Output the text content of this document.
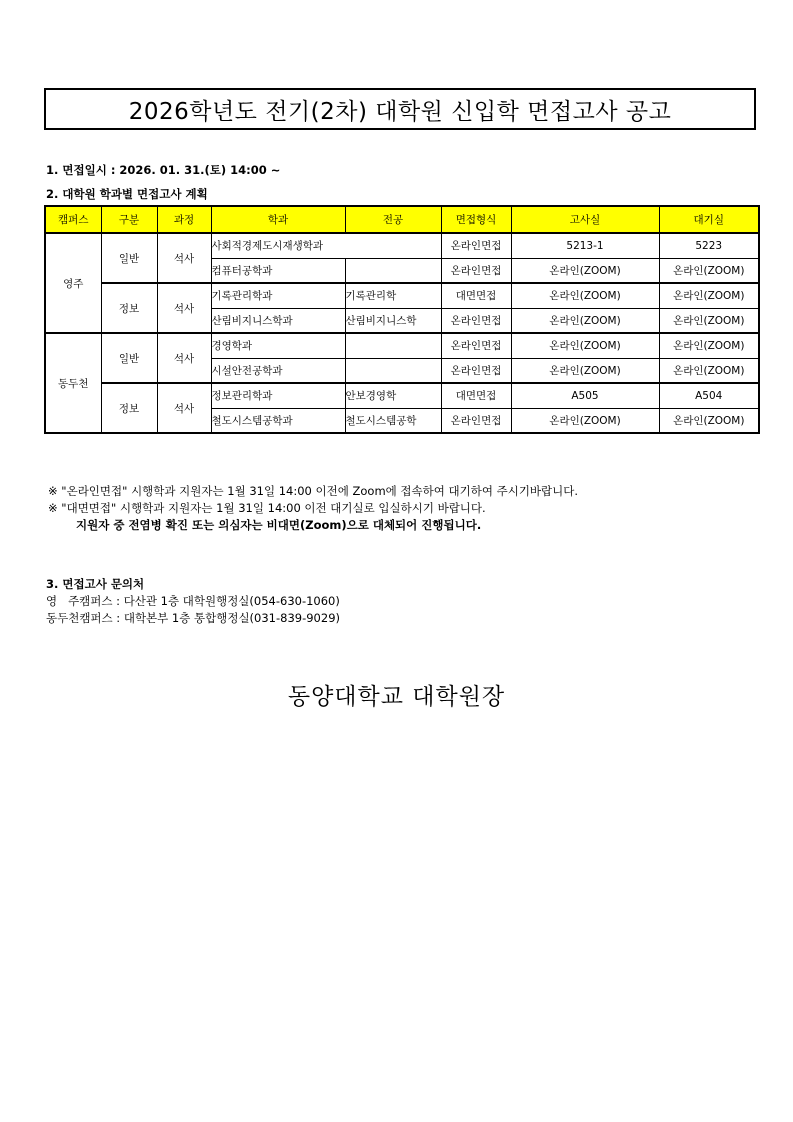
2026학년도 전기(2차) 대학원 신입학 면접고사 공고
1. 면접일시 : 2026. 01. 31.(토) 14:00 ~
2. 대학원 학과별 면접고사 계획
캠퍼스	구분	과정	학과	전공	면접형식	고사실	대기실
영주	일반	석사	사회적경제도시재생학과		온라인면접	5213-1	5223
			컴퓨터공학과		온라인면접	온라인(ZOOM)	온라인(ZOOM)
	정보	석사	기록관리학과	기록관리학	대면면접	온라인(ZOOM)	온라인(ZOOM)
			산림비지니스학과	산림비지니스학	온라인면접	온라인(ZOOM)	온라인(ZOOM)
동두천	일반	석사	경영학과		온라인면접	온라인(ZOOM)	온라인(ZOOM)
			시설안전공학과		온라인면접	온라인(ZOOM)	온라인(ZOOM)
	정보	석사	정보관리학과	안보경영학	대면면접	A505	A504
			철도시스템공학과	철도시스템공학	온라인면접	온라인(ZOOM)	온라인(ZOOM)
※ "온라인면접" 시행학과 지원자는 1월 31일 14:00 이전에 Zoom에 접속하여 대기하여 주시기바랍니다.
※ "대면면접" 시행학과 지원자는 1월 31일 14:00 이전 대기실로 입실하시기 바랍니다.
지원자 중 전염병 확진 또는 의심자는 비대면(Zoom)으로 대체되어 진행됩니다.
3. 면접고사 문의처
영   주캠퍼스 : 다산관 1층 대학원행정실(054-630-1060)
동두천캠퍼스 : 대학본부 1층 통합행정실(031-839-9029)
동양대학교 대학원장
